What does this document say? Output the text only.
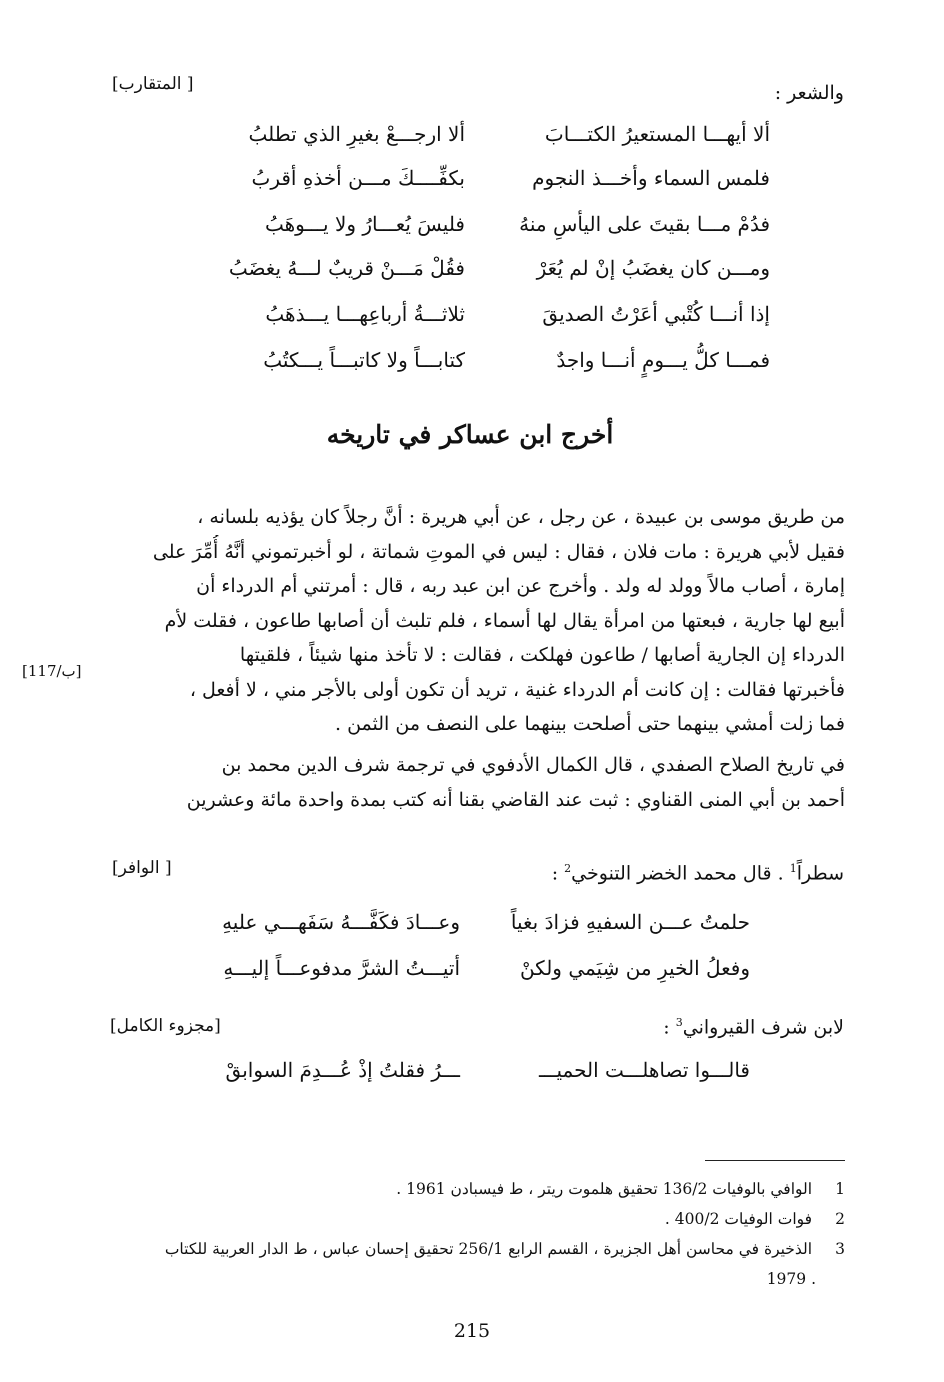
والشعر :
[ المتقارب]
ألا أيهـــا المستعيرُ الكتـــابَ
ألا ارجـــعْ بغيرِ الذي تطلبُ
فلمس السماء وأخـــذ النجوم
بكفِّــــكَ مـــن أخذهِ أقربُ
فدُمْ مـــا بقيتَ على اليأسِ منهُ
فليسَ يُعـــارُ ولا يـــوهَبُ
ومـــن كان يغضَبُ إنْ لم يُعَرْ
فقُلْ مَـــنْ قريبٌ لـــهُ يغضَبُ
إذا أنـــا كُتْبي أعَرْتُ الصديقَ
ثلاثـــةُ أرباعِهـــا يـــذهَبُ
فمـــا كلُّ يـــومٍ أنـــا واجدٌ
كتابـــاً ولا كاتبـــاً يـــكتُبُ
أخرج ابن عساكر في تاريخه
من طريق موسى بن عبيدة ، عن رجل ، عن أبي هريرة : أنَّ رجلاً كان يؤذيه بلسانه ،
فقيل لأبي هريرة : مات فلان ، فقال : ليس في الموتِ شماتة ، لو أخبرتموني أنَّهُ أُمِّرَ على
إمارة ، أصاب مالاً وولد له ولد . وأخرج عن ابن عبد ربه ، قال : أمرتني أم الدرداء أن
أبيع لها جارية ، فبعتها من امرأة يقال لها أسماء ، فلم تلبث أن أصابها طاعون ، فقلت لأم
الدرداء إن الجارية أصابها / طاعون فهلكت ، فقالت : لا تأخذ منها شيئاً ، فلقيتها
فأخبرتها فقالت : إن كانت أم الدرداء غنية ، تريد أن تكون أولى بالأجر مني ، لا أفعل ،
فما زلت أمشي بينهما حتى أصلحت بينهما على النصف من الثمن .
[117/ب]
في تاريخ الصلاح الصفدي ، قال الكمال الأدفوي في ترجمة شرف الدين محمد بن
أحمد بن أبي المنى القناوي : ثبت عند القاضي بقنا أنه كتب بمدة واحدة مائة وعشرين
سطراً$^1$ . قال محمد الخضر التنوخي$^2$ :
[ الوافر]
حلمتُ عـــن السفيهِ فزادَ بغياً
وعـــادَ فكَفَّـــهُ سَفَهـــي عليهِ
وفعلُ الخيرِ من شِيَمي ولكنْ
أتيـــتُ الشرَّ مدفوعـــاً إليـــهِ
لابن شرف القيرواني$^3$ :
[مجزوء الكامل]
قالـــوا تصاهلـــت الحميـــ
ـــرُ فقلتُ إذْ عُـــدِمَ السوابقْ
1 الوافي بالوفيات 136/2 تحقيق هلموت ريتر ، ط فيسبادن 1961 .
2 فوات الوفيات 400/2 .
3 الذخيرة في محاسن أهل الجزيرة ، القسم الرابع 256/1 تحقيق إحسان عباس ، ط الدار العربية للكتاب
. 1979
215
